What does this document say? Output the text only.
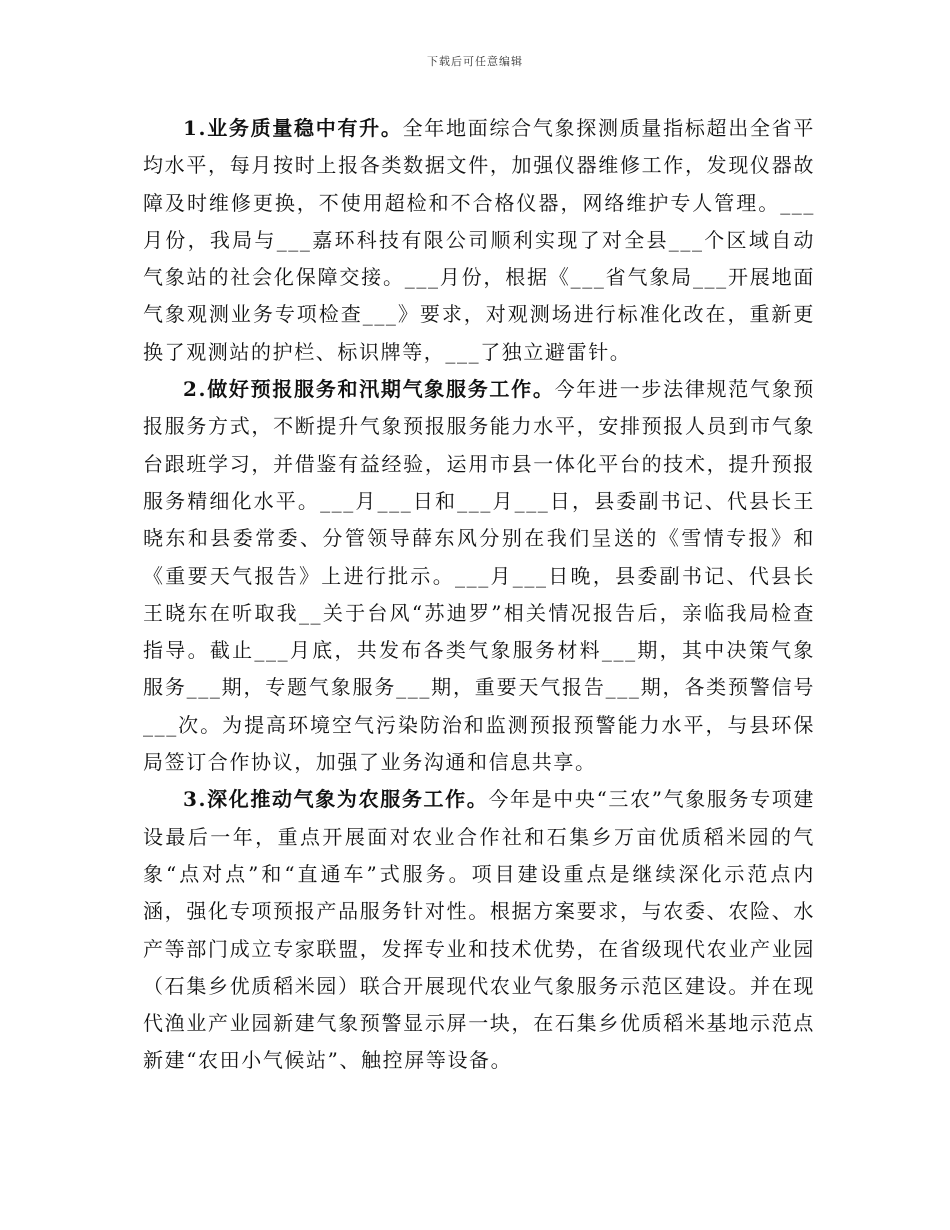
下载后可任意编辑

1.业务质量稳中有升。全年地面综合气象探测质量指标超出全省平均水平，每月按时上报各类数据文件，加强仪器维修工作，发现仪器故障及时维修更换，不使用超检和不合格仪器，网络维护专人管理。___月份，我局与___嘉环科技有限公司顺利实现了对全县___个区域自动气象站的社会化保障交接。___月份，根据《___省气象局___开展地面气象观测业务专项检查___》要求，对观测场进行标准化改在，重新更换了观测站的护栏、标识牌等，___了独立避雷针。

2.做好预报服务和汛期气象服务工作。今年进一步法律规范气象预报服务方式，不断提升气象预报服务能力水平，安排预报人员到市气象台跟班学习，并借鉴有益经验，运用市县一体化平台的技术，提升预报服务精细化水平。___月___日和___月___日，县委副书记、代县长王晓东和县委常委、分管领导薛东风分别在我们呈送的《雪情专报》和《重要天气报告》上进行批示。___月___日晚，县委副书记、代县长王晓东在听取我__关于台风“苏迪罗”相关情况报告后，亲临我局检查指导。截止___月底，共发布各类气象服务材料___期，其中决策气象服务___期，专题气象服务___期，重要天气报告___期，各类预警信号___次。为提高环境空气污染防治和监测预报预警能力水平，与县环保局签订合作协议，加强了业务沟通和信息共享。

3.深化推动气象为农服务工作。今年是中央“三农”气象服务专项建设最后一年，重点开展面对农业合作社和石集乡万亩优质稻米园的气象“点对点”和“直通车”式服务。项目建设重点是继续深化示范点内涵，强化专项预报产品服务针对性。根据方案要求，与农委、农险、水产等部门成立专家联盟，发挥专业和技术优势，在省级现代农业产业园（石集乡优质稻米园）联合开展现代农业气象服务示范区建设。并在现代渔业产业园新建气象预警显示屏一块，在石集乡优质稻米基地示范点新建“农田小气候站”、触控屏等设备。
